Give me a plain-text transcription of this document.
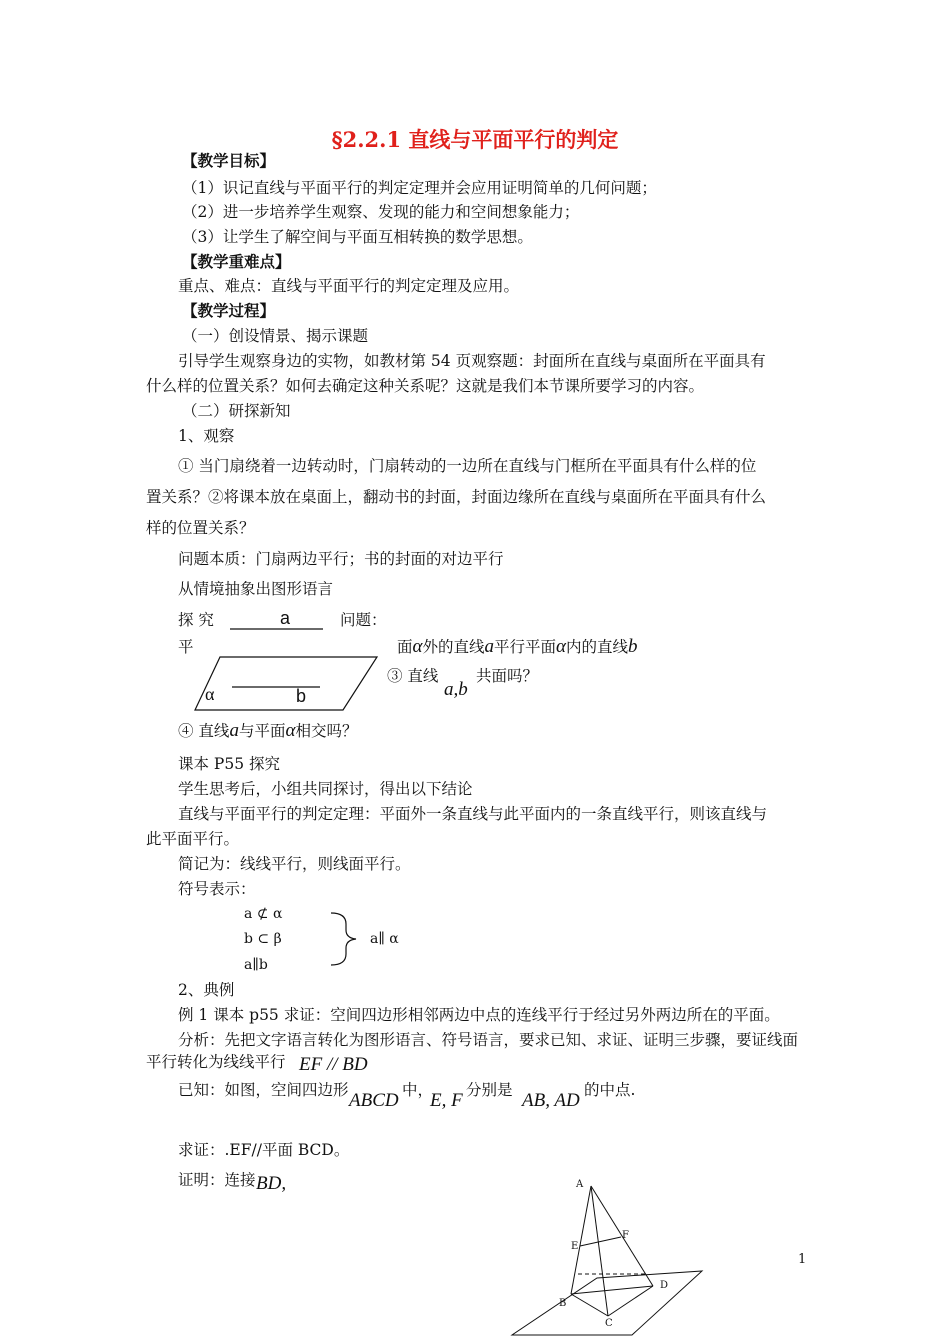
§2.2.1 直线与平面平行的判定
【教学目标】
（1）识记直线与平面平行的判定定理并会应用证明简单的几何问题；
（2）进一步培养学生观察、发现的能力和空间想象能力；
（3）让学生了解空间与平面互相转换的数学思想。
【教学重难点】
重点、难点：直线与平面平行的判定定理及应用。
【教学过程】
（一）创设情景、揭示课题
引导学生观察身边的实物，如教材第 54 页观察题：封面所在直线与桌面所在平面具有
什么样的位置关系？如何去确定这种关系呢？这就是我们本节课所要学习的内容。
（二）研探新知
1、观察
① 当门扇绕着一边转动时，门扇转动的一边所在直线与门框所在平面具有什么样的位
置关系？②将课本放在桌面上，翻动书的封面，封面边缘所在直线与桌面所在平面具有什么
样的位置关系？
问题本质：门扇两边平行；书的封面的对边平行
从情境抽象出图形语言
探 究	a	问题：
平	面α外的直线a平行平面α内的直线b
α	b
③ 直线
a,b
共面吗？
④ 直线a与平面α相交吗？
课本 P55 探究
学生思考后，小组共同探讨，得出以下结论
直线与平面平行的判定定理：平面外一条直线与此平面内的一条直线平行，则该直线与
此平面平行。
简记为：线线平行，则线面平行。
符号表示：
a ⊄ α
b ⊂ β
a∥b
a∥ α
2、典例
例 1 课本 p55 求证：空间四边形相邻两边中点的连线平行于经过另外两边所在的平面。
分析：先把文字语言转化为图形语言、符号语言，要求已知、求证、证明三步骤，要证线面
平行转化为线线平行 EF // BD
已知：如图，空间四边形 ABCD 中，
E, F 分别是 AB, AD 的中点.
求证：.EF//平面 BCD。
证明：连接 BD,	A
E
F
D
B
C
1
